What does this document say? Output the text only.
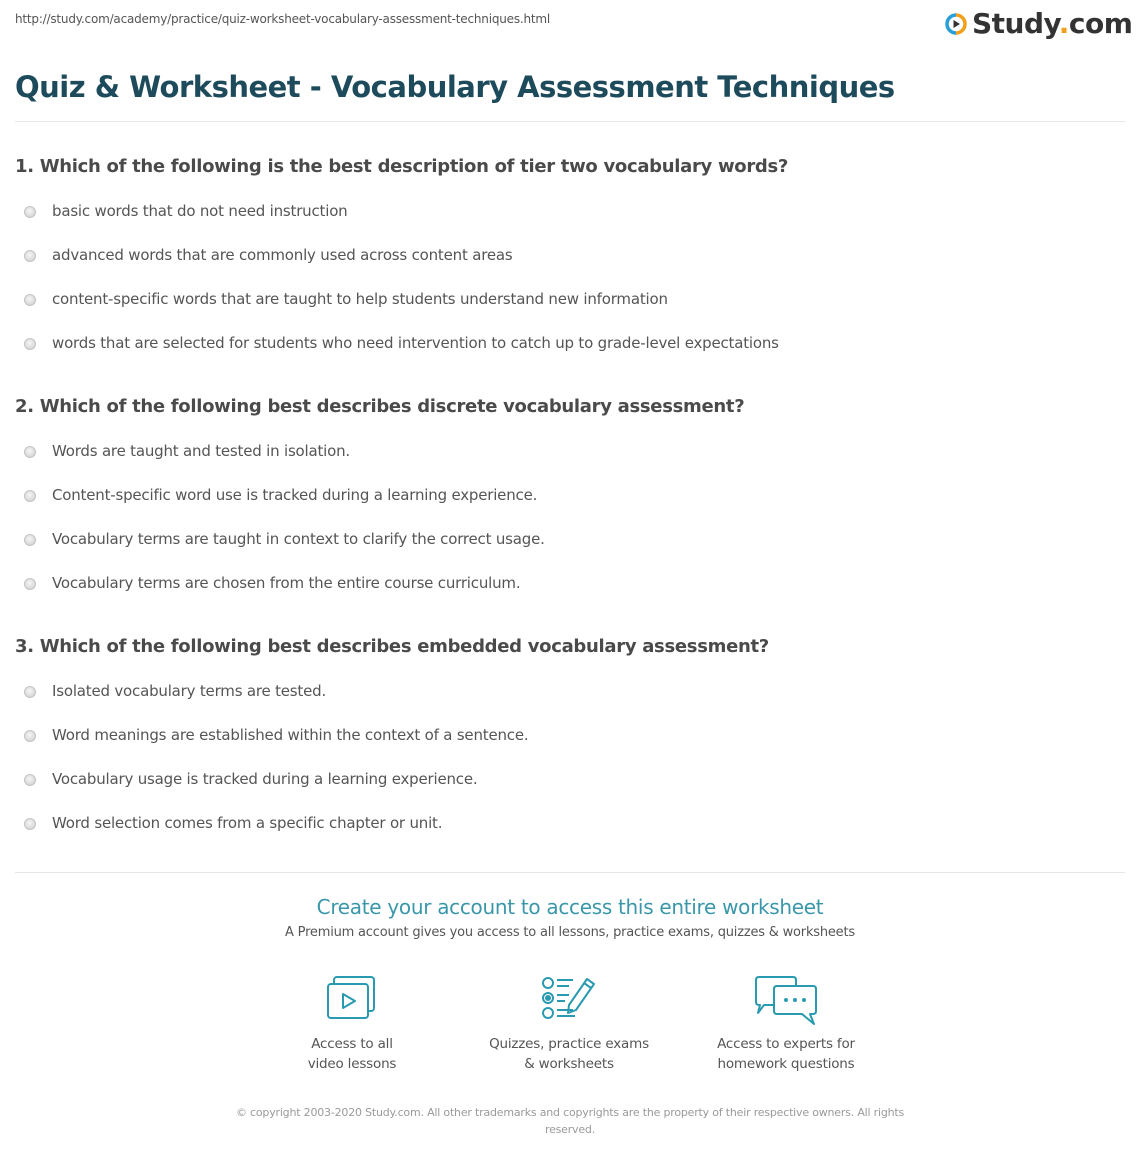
http://study.com/academy/practice/quiz-worksheet-vocabulary-assessment-techniques.html	Study.com
Quiz & Worksheet - Vocabulary Assessment Techniques
1. Which of the following is the best description of tier two vocabulary words?
basic words that do not need instruction
advanced words that are commonly used across content areas
content-specific words that are taught to help students understand new information
words that are selected for students who need intervention to catch up to grade-level expectations
2. Which of the following best describes discrete vocabulary assessment?
Words are taught and tested in isolation.
Content-specific word use is tracked during a learning experience.
Vocabulary terms are taught in context to clarify the correct usage.
Vocabulary terms are chosen from the entire course curriculum.
3. Which of the following best describes embedded vocabulary assessment?
Isolated vocabulary terms are tested.
Word meanings are established within the context of a sentence.
Vocabulary usage is tracked during a learning experience.
Word selection comes from a specific chapter or unit.
Create your account to access this entire worksheet

A Premium account gives you access to all lessons, practice exams, quizzes & worksheets

Access to all
video lessons
Quizzes, practice exams
& worksheets
Access to experts for
homework questions

© copyright 2003-2020 Study.com. All other trademarks and copyrights are the property of their respective owners. All rights reserved.
